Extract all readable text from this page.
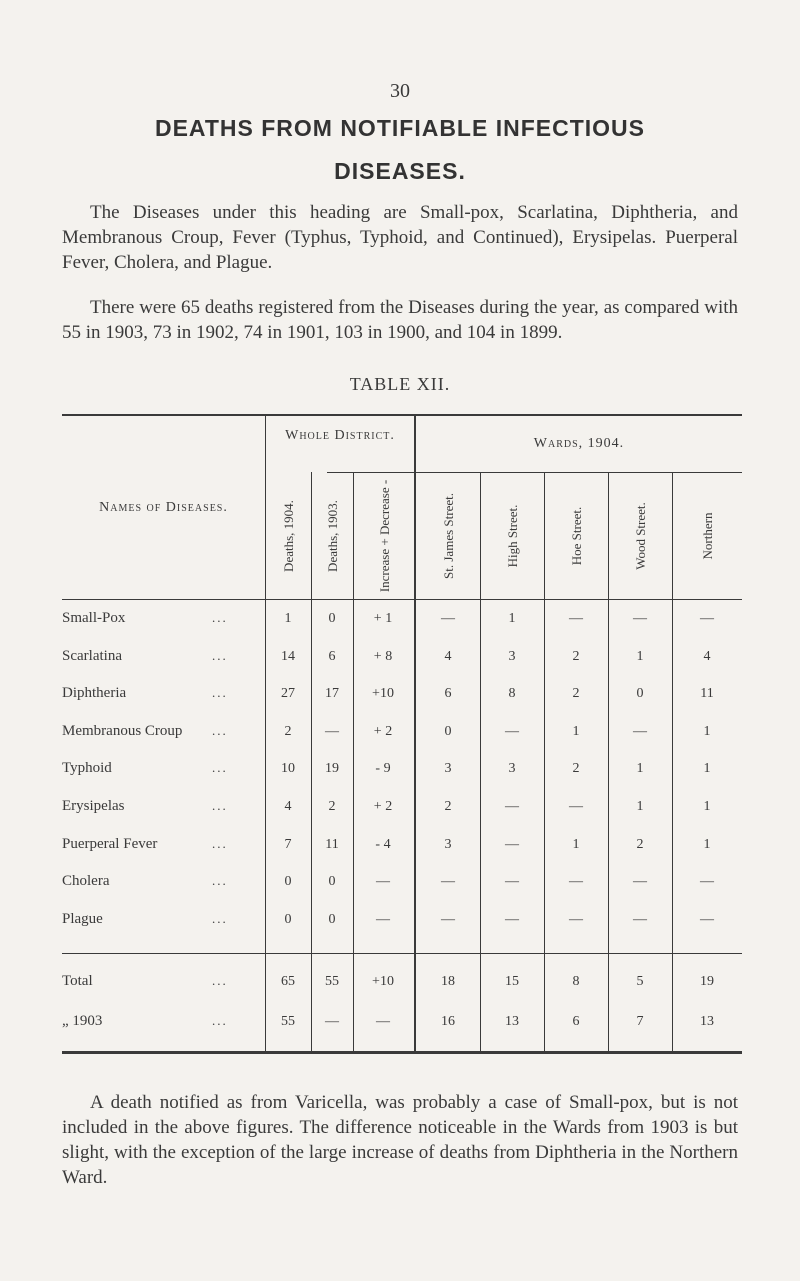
30
DEATHS FROM NOTIFIABLE INFECTIOUS
DISEASES.
The Diseases under this heading are Small-pox, Scarlatina, Diphtheria, and Membranous Croup, Fever (Typhus, Typhoid, and Continued), Erysipelas. Puerperal Fever, Cholera, and Plague.
There were 65 deaths registered from the Diseases during the year, as compared with 55 in 1903, 73 in 1902, 74 in 1901, 103 in 1900, and 104 in 1899.
TABLE XII.
Whole District.
Wards, 1904.
Names of Diseases.	Deaths, 1904.	Deaths, 1903.	Increase + Decrease -	St. James Street.	High Street.	Hoe Street.	Wood Street.	Northern
Small-Pox	...	1	0	+ 1	—	1	—	—	—
Scarlatina	...	14	6	+ 8	4	3	2	1	4
Diphtheria	...	27	17	+10	6	8	2	0	11
Membranous Croup ...	2	—	+ 2	0	—	1	—	1
Typhoid	...	10	19	- 9	3	3	2	1	1
Erysipelas	...	4	2	+ 2	2	—	—	1	1
Puerperal Fever	...	7	11	- 4	3	—	1	2	1
Cholera	...	0	0	—	—	—	—	—	—
Plague	...	0	0	—	—	—	—	—	—
Total	...	65	55	+10	18	15	8	5	19
„ 1903	...	55	—	—	16	13	6	7	13
A death notified as from Varicella, was probably a case of Small-pox, but is not included in the above figures. The difference noticeable in the Wards from 1903 is but slight, with the exception of the large increase of deaths from Diphtheria in the Northern Ward.
